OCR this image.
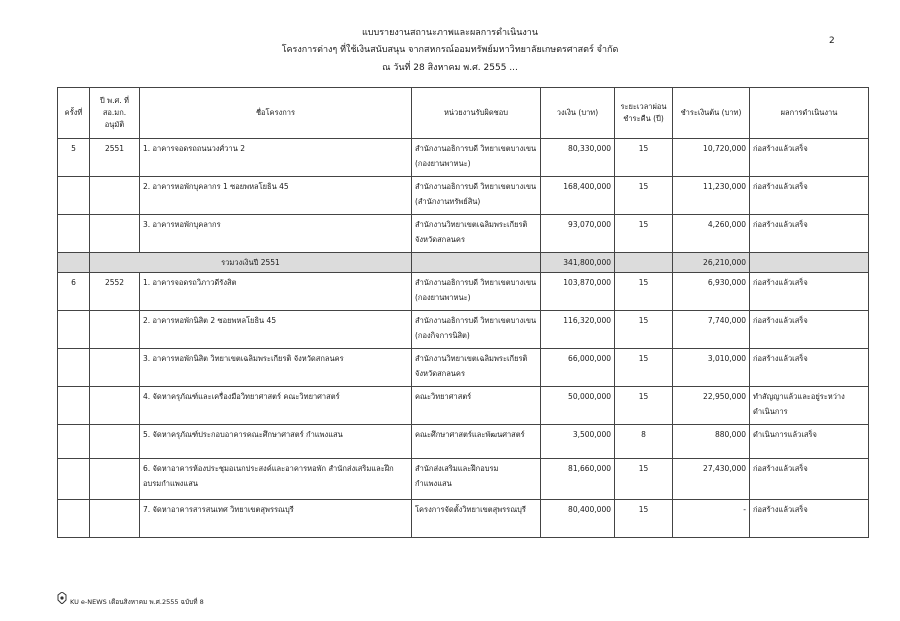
2
แบบรายงานสถานะภาพและผลการดำเนินงาน
โครงการต่างๆ ที่ใช้เงินสนับสนุน จากสหกรณ์ออมทรัพย์มหาวิทยาลัยเกษตรศาสตร์ จำกัด
ณ วันที่ 28 สิงหาคม พ.ศ. 2555 ...
ครั้งที่	ปี พ.ศ. ที่ สอ.มก. อนุมัติ	ชื่อโครงการ	หน่วยงานรับผิดชอบ	วงเงิน (บาท)	ระยะเวลาผ่อนชำระคืน (ปี)	ชำระเงินต้น (บาท)	ผลการดำเนินงาน
5	2551	1. อาคารจอดรถถนนวงศ์วาน 2	สำนักงานอธิการบดี วิทยาเขตบางเขน (กองยานพาหนะ)	80,330,000	15	10,720,000	ก่อสร้างแล้วเสร็จ
		2. อาคารหอพักบุคลากร 1 ซอยพหลโยธิน 45	สำนักงานอธิการบดี วิทยาเขตบางเขน (สำนักงานทรัพย์สิน)	168,400,000	15	11,230,000	ก่อสร้างแล้วเสร็จ
		3. อาคารหอพักบุคลากร	สำนักงานวิทยาเขตเฉลิมพระเกียรติ จังหวัดสกลนคร	93,070,000	15	4,260,000	ก่อสร้างแล้วเสร็จ
	รวมวงเงินปี 2551			341,800,000		26,210,000	
6	2552	1. อาคารจอดรถวิภาวดีรังสิต	สำนักงานอธิการบดี วิทยาเขตบางเขน (กองยานพาหนะ)	103,870,000	15	6,930,000	ก่อสร้างแล้วเสร็จ
		2. อาคารหอพักนิสิต 2 ซอยพหลโยธิน 45	สำนักงานอธิการบดี วิทยาเขตบางเขน (กองกิจการนิสิต)	116,320,000	15	7,740,000	ก่อสร้างแล้วเสร็จ
		3. อาคารหอพักนิสิต วิทยาเขตเฉลิมพระเกียรติ จังหวัดสกลนคร	สำนักงานวิทยาเขตเฉลิมพระเกียรติ จังหวัดสกลนคร	66,000,000	15	3,010,000	ก่อสร้างแล้วเสร็จ
		4. จัดหาครุภัณฑ์และเครื่องมือวิทยาศาสตร์ คณะวิทยาศาสตร์	คณะวิทยาศาสตร์	50,000,000	15	22,950,000	ทำสัญญาแล้วและอยู่ระหว่างดำเนินการ
		5. จัดหาครุภัณฑ์ประกอบอาคารคณะศึกษาศาสตร์ กำแพงแสน	คณะศึกษาศาสตร์และพัฒนศาสตร์	3,500,000	8	880,000	ดำเนินการแล้วเสร็จ
		6. จัดหาอาคารห้องประชุมอเนกประสงค์และอาคารหอพัก สำนักส่งเสริมและฝึกอบรมกำแพงแสน	สำนักส่งเสริมและฝึกอบรม กำแพงแสน	81,660,000	15	27,430,000	ก่อสร้างแล้วเสร็จ
		7. จัดหาอาคารสารสนเทศ วิทยาเขตสุพรรณบุรี	โครงการจัดตั้งวิทยาเขตสุพรรณบุรี	80,400,000	15	-	ก่อสร้างแล้วเสร็จ
KU e-NEWS เดือนสิงหาคม พ.ศ.2555 ฉบับที่ 8
